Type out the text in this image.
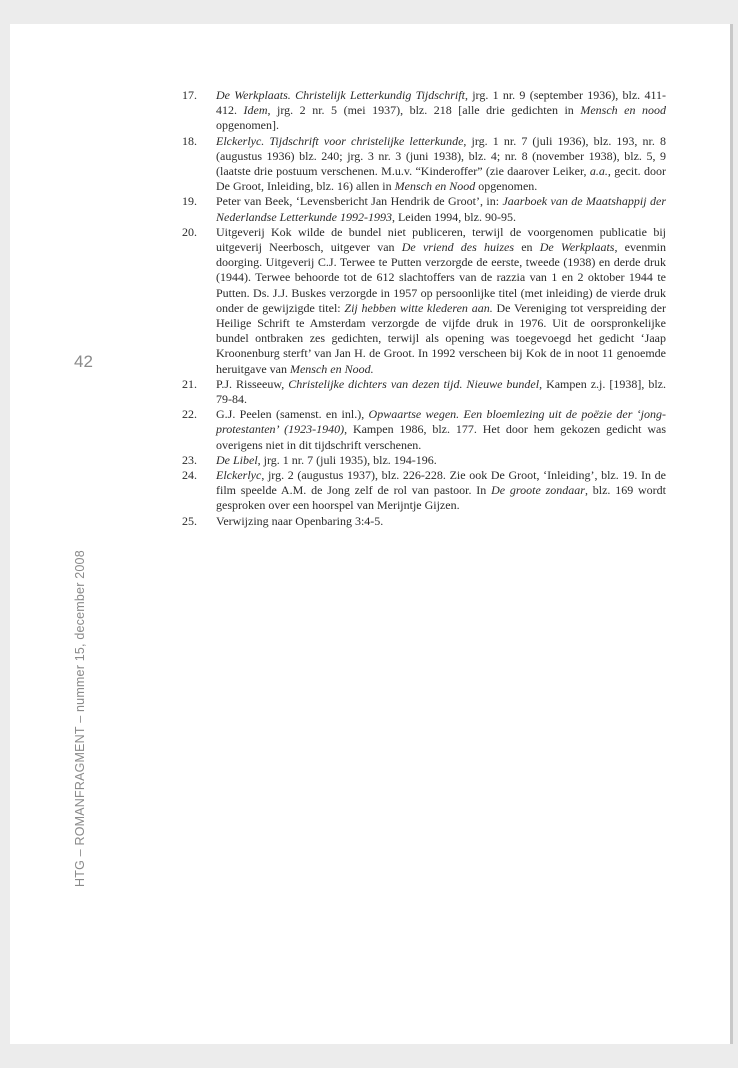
42
HTG – ROMANFRAGMENT – nummer 15, december 2008
17. De Werkplaats. Christelijk Letterkundig Tijdschrift, jrg. 1 nr. 9 (september 1936), blz. 411-412. Idem, jrg. 2 nr. 5 (mei 1937), blz. 218 [alle drie gedichten in Mensch en nood opgenomen].
18. Elckerlyc. Tijdschrift voor christelijke letterkunde, jrg. 1 nr. 7 (juli 1936), blz. 193, nr. 8 (augustus 1936) blz. 240; jrg. 3 nr. 3 (juni 1938), blz. 4; nr. 8 (november 1938), blz. 5, 9 (laatste drie postuum verschenen. M.u.v. “Kinderoffer” (zie daarover Leiker, a.a., gecit. door De Groot, Inleiding, blz. 16) allen in Mensch en Nood opgenomen.
19. Peter van Beek, ‘Levensbericht Jan Hendrik de Groot’, in: Jaarboek van de Maatshappij der Nederlandse Letterkunde 1992-1993, Leiden 1994, blz. 90-95.
20. Uitgeverij Kok wilde de bundel niet publiceren, terwijl de voorgenomen publicatie bij uitgeverij Neerbosch, uitgever van De vriend des huizes en De Werkplaats, evenmin doorging. Uitgeverij C.J. Terwee te Putten verzorgde de eerste, tweede (1938) en derde druk (1944). Terwee behoorde tot de 612 slachtoffers van de razzia van 1 en 2 oktober 1944 te Putten. Ds. J.J. Buskes verzorgde in 1957 op persoonlijke titel (met inleiding) de vierde druk onder de gewijzigde titel: Zij hebben witte klederen aan. De Vereniging tot verspreiding der Heilige Schrift te Amsterdam verzorgde de vijfde druk in 1976. Uit de oorspronkelijke bundel ontbraken zes gedichten, terwijl als opening was toegevoegd het gedicht ‘Jaap Kroonenburg sterft’ van Jan H. de Groot. In 1992 verscheen bij Kok de in noot 11 genoemde heruitgave van Mensch en Nood.
21. P.J. Risseeuw, Christelijke dichters van dezen tijd. Nieuwe bundel, Kampen z.j. [1938], blz. 79-84.
22. G.J. Peelen (samenst. en inl.), Opwaartse wegen. Een bloemlezing uit de poëzie der ‘jong-protestanten’ (1923-1940), Kampen 1986, blz. 177. Het door hem gekozen gedicht was overigens niet in dit tijdschrift verschenen.
23. De Libel, jrg. 1 nr. 7 (juli 1935), blz. 194-196.
24. Elckerlyc, jrg. 2 (augustus 1937), blz. 226-228. Zie ook De Groot, ‘Inleiding’, blz. 19. In de film speelde A.M. de Jong zelf de rol van pastoor. In De groote zondaar, blz. 169 wordt gesproken over een hoorspel van Merijntje Gijzen.
25. Verwijzing naar Openbaring 3:4-5.
